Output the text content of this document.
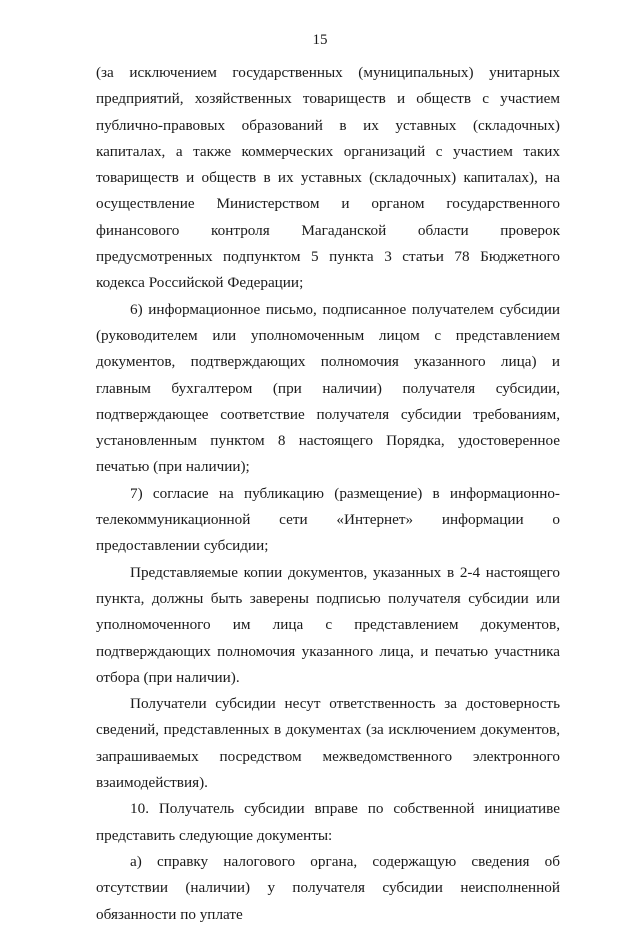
15

(за исключением государственных (муниципальных) унитарных предприятий, хозяйственных товариществ и обществ с участием публично-правовых образований в их уставных (складочных) капиталах, а также коммерческих организаций с участием таких товариществ и обществ в их уставных (складочных) капиталах), на осуществление Министерством и органом государственного финансового контроля Магаданской области проверок предусмотренных подпунктом 5 пункта 3 статьи 78 Бюджетного кодекса Российской Федерации;

6) информационное письмо, подписанное получателем субсидии (руководителем или уполномоченным лицом с представлением документов, подтверждающих полномочия указанного лица) и главным бухгалтером (при наличии) получателя субсидии, подтверждающее соответствие получателя субсидии требованиям, установленным пунктом 8 настоящего Порядка, удостоверенное печатью (при наличии);

7) согласие на публикацию (размещение) в информационно-телекоммуникационной сети «Интернет» информации о предоставлении субсидии;

Представляемые копии документов, указанных в 2-4 настоящего пункта, должны быть заверены подписью получателя субсидии или уполномоченного им лица с представлением документов, подтверждающих полномочия указанного лица, и печатью участника отбора (при наличии).

Получатели субсидии несут ответственность за достоверность сведений, представленных в документах (за исключением документов, запрашиваемых посредством межведомственного электронного взаимодействия).

10. Получатель субсидии вправе по собственной инициативе представить следующие документы:

а) справку налогового органа, содержащую сведения об отсутствии (наличии) у получателя субсидии неисполненной обязанности по уплате
